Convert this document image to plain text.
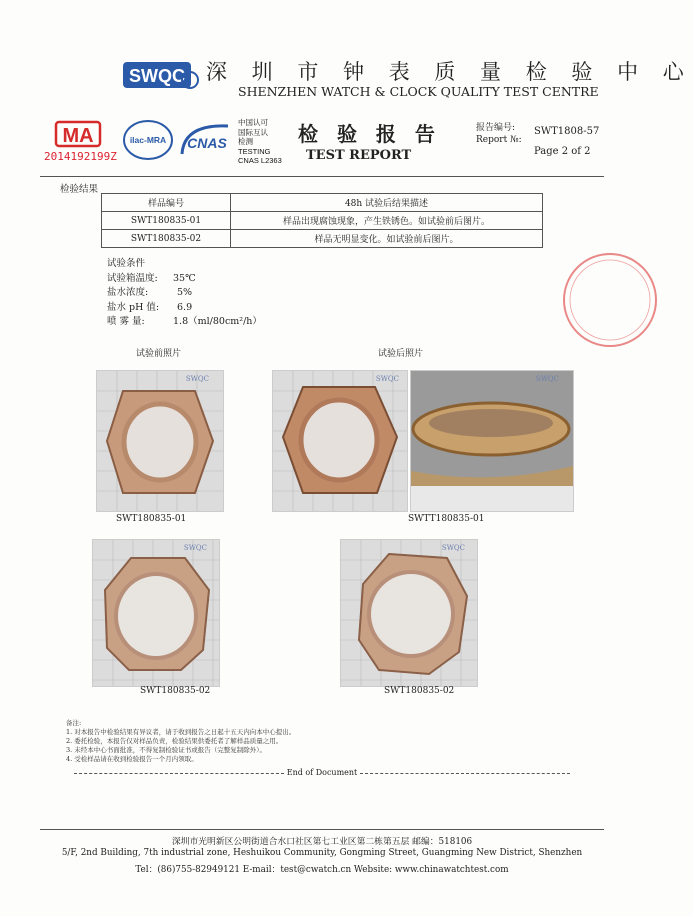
SWQC 深 圳 市 钟 表 质 量 检 验 中 心
SHENZHEN WATCH & CLOCK QUALITY TEST CENTRE
MA
2014192199Z
ilac-MRA CNAS
中国认可
国际互认
检测
TESTING
CNAS L2363
检 验 报 告
TEST REPORT
报告编号:
Report №:
SWT1808-57
Page 2 of 2
检验结果
样品编号	48h 试验后结果描述
SWT180835-01	样品出现腐蚀现象，产生铁锈色。如试验前后图片。
SWT180835-02	样品无明显变化。如试验前后图片。
试验条件
试验箱温度: 35℃
盐水浓度:	5%
盐水 pH 值: 6.9
喷 雾 量:	1.8（ml/80cm²/h）
试验前照片	试验后照片
SWQC
SWT180835-01
SWQC	SWQC
SWTT180835-01
SWQC
SWT180835-02
SWQC
SWT180835-02
备注:
1. 对本报告中检验结果有异议者，请于收到报告之日起十五天内向本中心提出。
2. 委托检验，本报告仅对样品负责，检验结果供委托者了解样品质量之用。
3. 未经本中心书面批准，不得复制检验证书或报告（完整复制除外）。
4. 受检样品请在收到检验报告一个月内领取。
End of Document
深圳市光明新区公明街道合水口社区第七工业区第二栋第五层 邮编：518106
5/F, 2nd Building, 7th industrial zone, Heshuikou Community, Gongming Street, Guangming New District, Shenzhen
Tel：(86)755-82949121 E-mail：test@cwatch.cn Website: www.chinawatchtest.com
